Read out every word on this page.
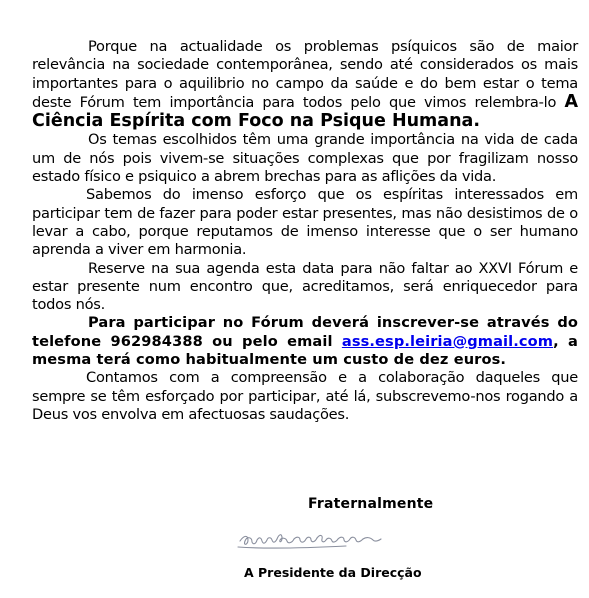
Porque na actualidade os problemas psíquicos são de maior relevância na sociedade contemporânea, sendo até considerados os mais importantes para o aquilibrio no campo da saúde e do bem estar o tema deste Fórum tem importância para todos pelo que vimos relembra-lo A Ciência Espírita com Foco na Psique Humana.

Os temas escolhidos têm uma grande importância na vida de cada um de nós pois vivem-se situações complexas que por fragilizam nosso estado físico e psiquico a abrem brechas para as aflições da vida.

Sabemos do imenso esforço que os espíritas interessados em participar tem de fazer para poder estar presentes, mas não desistimos de o levar a cabo, porque reputamos de imenso interesse que o ser humano aprenda a viver em harmonia.

Reserve na sua agenda esta data para não faltar ao XXVI Fórum e estar presente num encontro que, acreditamos, será enriquecedor para todos nós.

Para participar no Fórum deverá inscrever-se através do telefone 962984388 ou pelo email ass.esp.leiria@gmail.com, a mesma terá como habitualmente um custo de dez euros.

Contamos com a compreensão e a colaboração daqueles que sempre se têm esforçado por participar, até lá, subscrevemo-nos rogando a Deus vos envolva em afectuosas saudações.

Fraternalmente
A Presidente da Direcção
